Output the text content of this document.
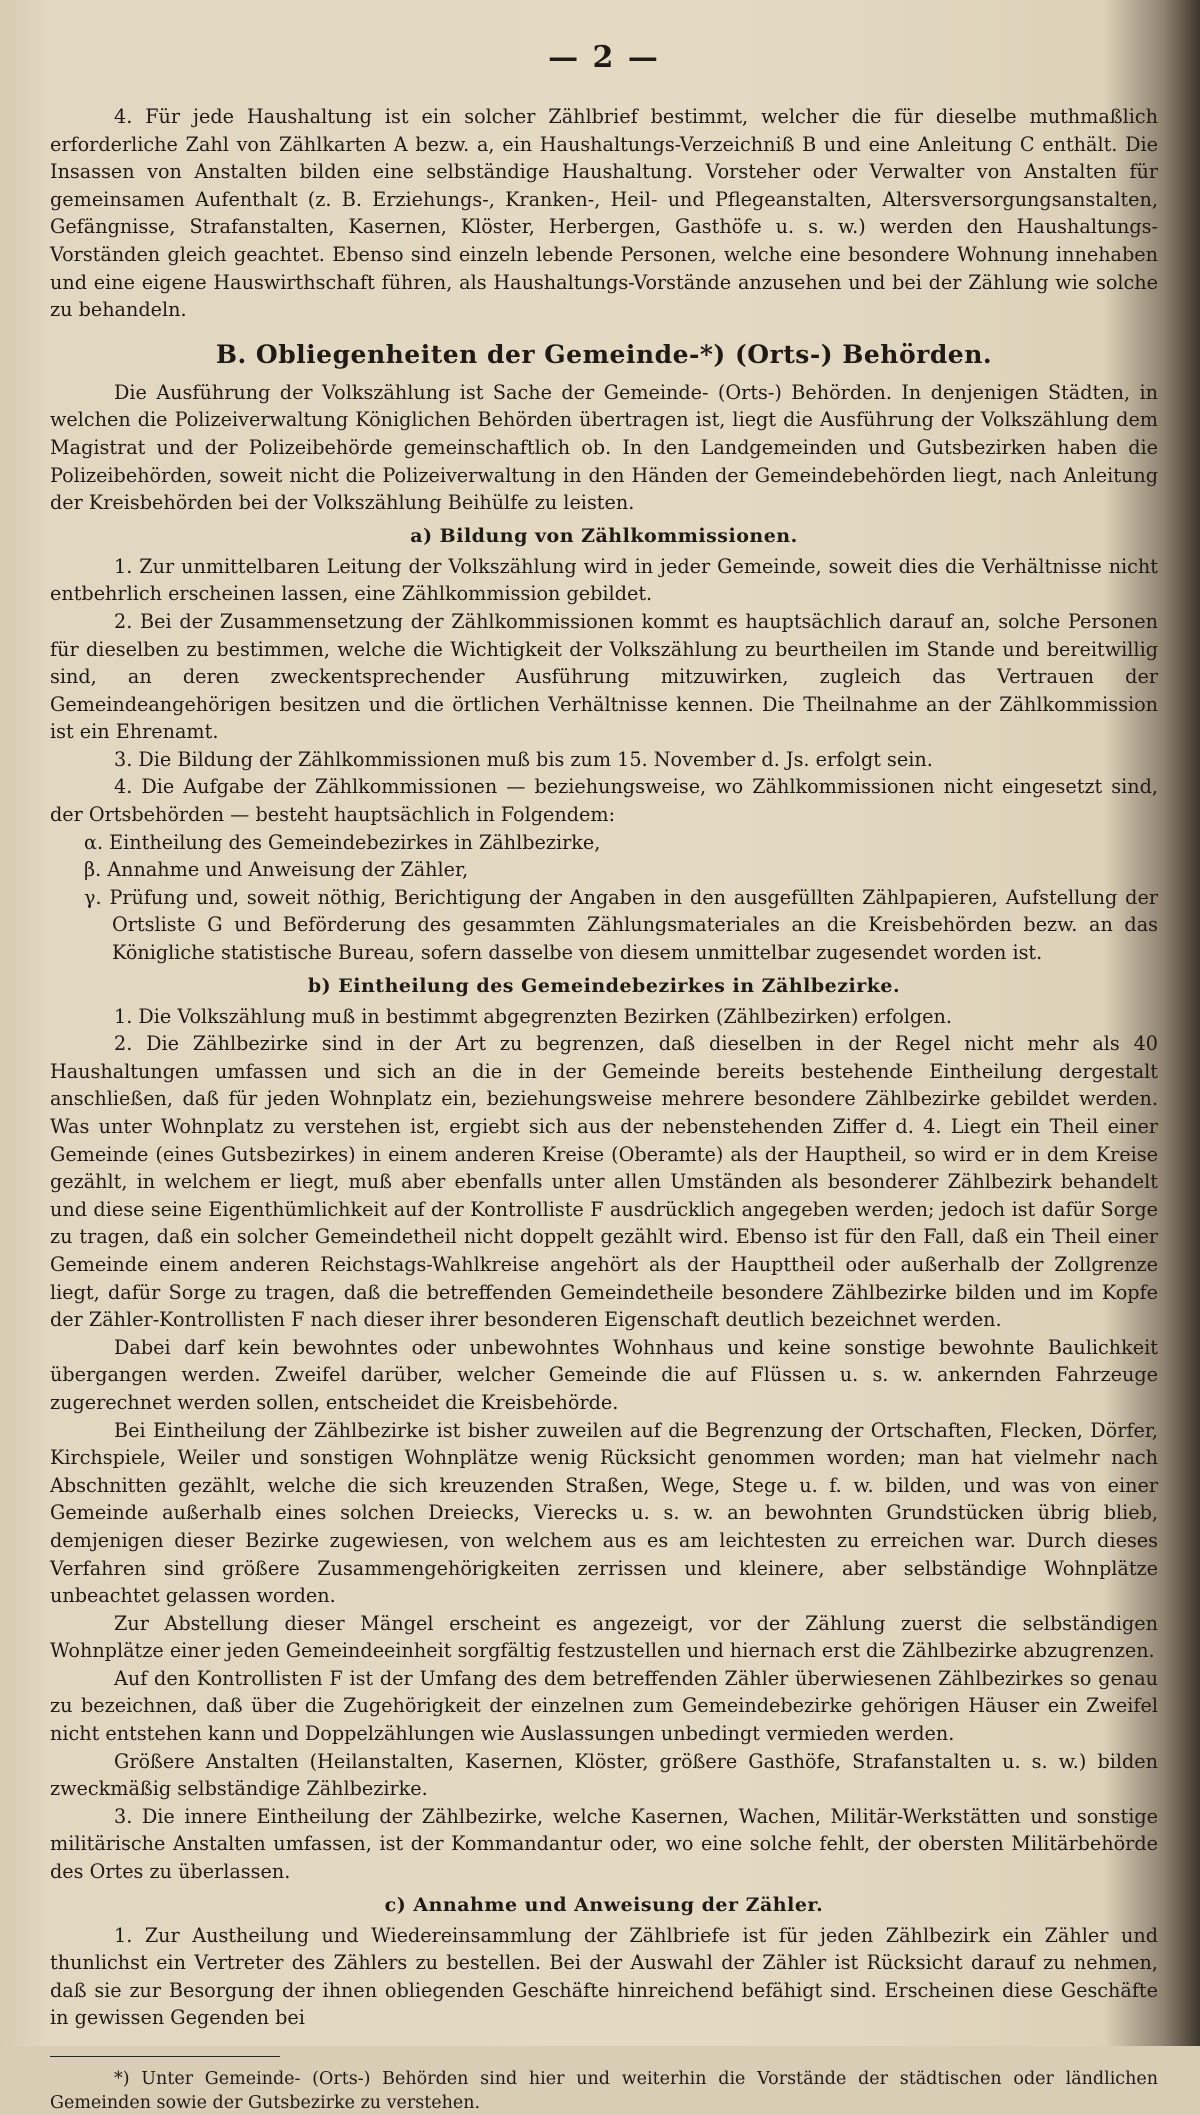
— 2 —

4. Für jede Haushaltung ist ein solcher Zählbrief bestimmt, welcher die für dieselbe muthmaßlich erforderliche Zahl von Zählkarten A bezw. a, ein Haushaltungs-Verzeichniß B und eine Anleitung C enthält. Die Insassen von Anstalten bilden eine selbständige Haushaltung. Vorsteher oder Verwalter von Anstalten für gemeinsamen Aufenthalt (z. B. Erziehungs-, Kranken-, Heil- und Pflegeanstalten, Altersversorgungsanstalten, Gefängnisse, Strafanstalten, Kasernen, Klöster, Herbergen, Gasthöfe u. s. w.) werden den Haushaltungs-Vorständen gleich geachtet. Ebenso sind einzeln lebende Personen, welche eine besondere Wohnung innehaben und eine eigene Hauswirthschaft führen, als Haushaltungs-Vorstände anzusehen und bei der Zählung wie solche zu behandeln.

B. Obliegenheiten der Gemeinde-*) (Orts-) Behörden.

Die Ausführung der Volkszählung ist Sache der Gemeinde- (Orts-) Behörden. In denjenigen Städten, in welchen die Polizeiverwaltung Königlichen Behörden übertragen ist, liegt die Ausführung der Volkszählung dem Magistrat und der Polizeibehörde gemeinschaftlich ob. In den Landgemeinden und Gutsbezirken haben die Polizeibehörden, soweit nicht die Polizeiverwaltung in den Händen der Gemeindebehörden liegt, nach Anleitung der Kreisbehörden bei der Volkszählung Beihülfe zu leisten.

a) Bildung von Zählkommissionen.

1. Zur unmittelbaren Leitung der Volkszählung wird in jeder Gemeinde, soweit dies die Verhältnisse nicht entbehrlich erscheinen lassen, eine Zählkommission gebildet.

2. Bei der Zusammensetzung der Zählkommissionen kommt es hauptsächlich darauf an, solche Personen für dieselben zu bestimmen, welche die Wichtigkeit der Volkszählung zu beurtheilen im Stande und bereitwillig sind, an deren zweckentsprechender Ausführung mitzuwirken, zugleich das Vertrauen der Gemeindeangehörigen besitzen und die örtlichen Verhältnisse kennen. Die Theilnahme an der Zählkommission ist ein Ehrenamt.

3. Die Bildung der Zählkommissionen muß bis zum 15. November d. Js. erfolgt sein.

4. Die Aufgabe der Zählkommissionen — beziehungsweise, wo Zählkommissionen nicht eingesetzt sind, der Ortsbehörden — besteht hauptsächlich in Folgendem:

α. Eintheilung des Gemeindebezirkes in Zählbezirke,

β. Annahme und Anweisung der Zähler,

γ. Prüfung und, soweit nöthig, Berichtigung der Angaben in den ausgefüllten Zählpapieren, Aufstellung der Ortsliste G und Beförderung des gesammten Zählungsmateriales an die Kreisbehörden bezw. an das Königliche statistische Bureau, sofern dasselbe von diesem unmittelbar zugesendet worden ist.

b) Eintheilung des Gemeindebezirkes in Zählbezirke.

1. Die Volkszählung muß in bestimmt abgegrenzten Bezirken (Zählbezirken) erfolgen.

2. Die Zählbezirke sind in der Art zu begrenzen, daß dieselben in der Regel nicht mehr als 40 Haushaltungen umfassen und sich an die in der Gemeinde bereits bestehende Eintheilung dergestalt anschließen, daß für jeden Wohnplatz ein, beziehungsweise mehrere besondere Zählbezirke gebildet werden. Was unter Wohnplatz zu verstehen ist, ergiebt sich aus der nebenstehenden Ziffer d. 4. Liegt ein Theil einer Gemeinde (eines Gutsbezirkes) in einem anderen Kreise (Oberamte) als der Hauptheil, so wird er in dem Kreise gezählt, in welchem er liegt, muß aber ebenfalls unter allen Umständen als besonderer Zählbezirk behandelt und diese seine Eigenthümlichkeit auf der Kontrolliste F ausdrücklich angegeben werden; jedoch ist dafür Sorge zu tragen, daß ein solcher Gemeindetheil nicht doppelt gezählt wird. Ebenso ist für den Fall, daß ein Theil einer Gemeinde einem anderen Reichstags-Wahlkreise angehört als der Haupttheil oder außerhalb der Zollgrenze liegt, dafür Sorge zu tragen, daß die betreffenden Gemeindetheile besondere Zählbezirke bilden und im Kopfe der Zähler-Kontrollisten F nach dieser ihrer besonderen Eigenschaft deutlich bezeichnet werden.

Dabei darf kein bewohntes oder unbewohntes Wohnhaus und keine sonstige bewohnte Baulichkeit übergangen werden. Zweifel darüber, welcher Gemeinde die auf Flüssen u. s. w. ankernden Fahrzeuge zugerechnet werden sollen, entscheidet die Kreisbehörde.

Bei Eintheilung der Zählbezirke ist bisher zuweilen auf die Begrenzung der Ortschaften, Flecken, Dörfer, Kirchspiele, Weiler und sonstigen Wohnplätze wenig Rücksicht genommen worden; man hat vielmehr nach Abschnitten gezählt, welche die sich kreuzenden Straßen, Wege, Stege u. f. w. bilden, und was von einer Gemeinde außerhalb eines solchen Dreiecks, Vierecks u. s. w. an bewohnten Grundstücken übrig blieb, demjenigen dieser Bezirke zugewiesen, von welchem aus es am leichtesten zu erreichen war. Durch dieses Verfahren sind größere Zusammengehörigkeiten zerrissen und kleinere, aber selbständige Wohnplätze unbeachtet gelassen worden.

Zur Abstellung dieser Mängel erscheint es angezeigt, vor der Zählung zuerst die selbständigen Wohnplätze einer jeden Gemeindeeinheit sorgfältig festzustellen und hiernach erst die Zählbezirke abzugrenzen.

Auf den Kontrollisten F ist der Umfang des dem betreffenden Zähler überwiesenen Zählbezirkes so genau zu bezeichnen, daß über die Zugehörigkeit der einzelnen zum Gemeindebezirke gehörigen Häuser ein Zweifel nicht entstehen kann und Doppelzählungen wie Auslassungen unbedingt vermieden werden.

Größere Anstalten (Heilanstalten, Kasernen, Klöster, größere Gasthöfe, Strafanstalten u. s. w.) bilden zweckmäßig selbständige Zählbezirke.

3. Die innere Eintheilung der Zählbezirke, welche Kasernen, Wachen, Militär-Werkstätten und sonstige militärische Anstalten umfassen, ist der Kommandantur oder, wo eine solche fehlt, der obersten Militärbehörde des Ortes zu überlassen.

c) Annahme und Anweisung der Zähler.

1. Zur Austheilung und Wiedereinsammlung der Zählbriefe ist für jeden Zählbezirk ein Zähler und thunlichst ein Vertreter des Zählers zu bestellen. Bei der Auswahl der Zähler ist Rücksicht darauf zu nehmen, daß sie zur Besorgung der ihnen obliegenden Geschäfte hinreichend befähigt sind. Erscheinen diese Geschäfte in gewissen Gegenden bei

*) Unter Gemeinde- (Orts-) Behörden sind hier und weiterhin die Vorstände der städtischen oder ländlichen Gemeinden sowie der Gutsbezirke zu verstehen.
